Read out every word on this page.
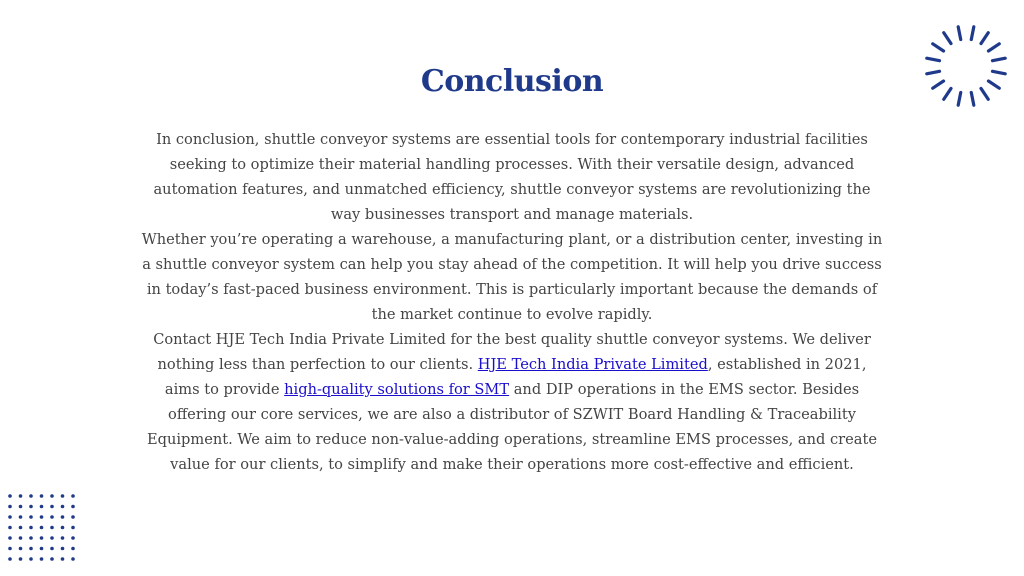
Conclusion

In conclusion, shuttle conveyor systems are essential tools for contemporary industrial facilities seeking to optimize their material handling processes. With their versatile design, advanced automation features, and unmatched efficiency, shuttle conveyor systems are revolutionizing the way businesses transport and manage materials.

Whether you’re operating a warehouse, a manufacturing plant, or a distribution center, investing in a shuttle conveyor system can help you stay ahead of the competition. It will help you drive success in today’s fast-paced business environment. This is particularly important because the demands of the market continue to evolve rapidly.

Contact HJE Tech India Private Limited for the best quality shuttle conveyor systems. We deliver nothing less than perfection to our clients. HJE Tech India Private Limited, established in 2021, aims to provide high-quality solutions for SMT and DIP operations in the EMS sector. Besides offering our core services, we are also a distributor of SZWIT Board Handling & Traceability Equipment. We aim to reduce non-value-adding operations, streamline EMS processes, and create value for our clients, to simplify and make their operations more cost-effective and efficient.
